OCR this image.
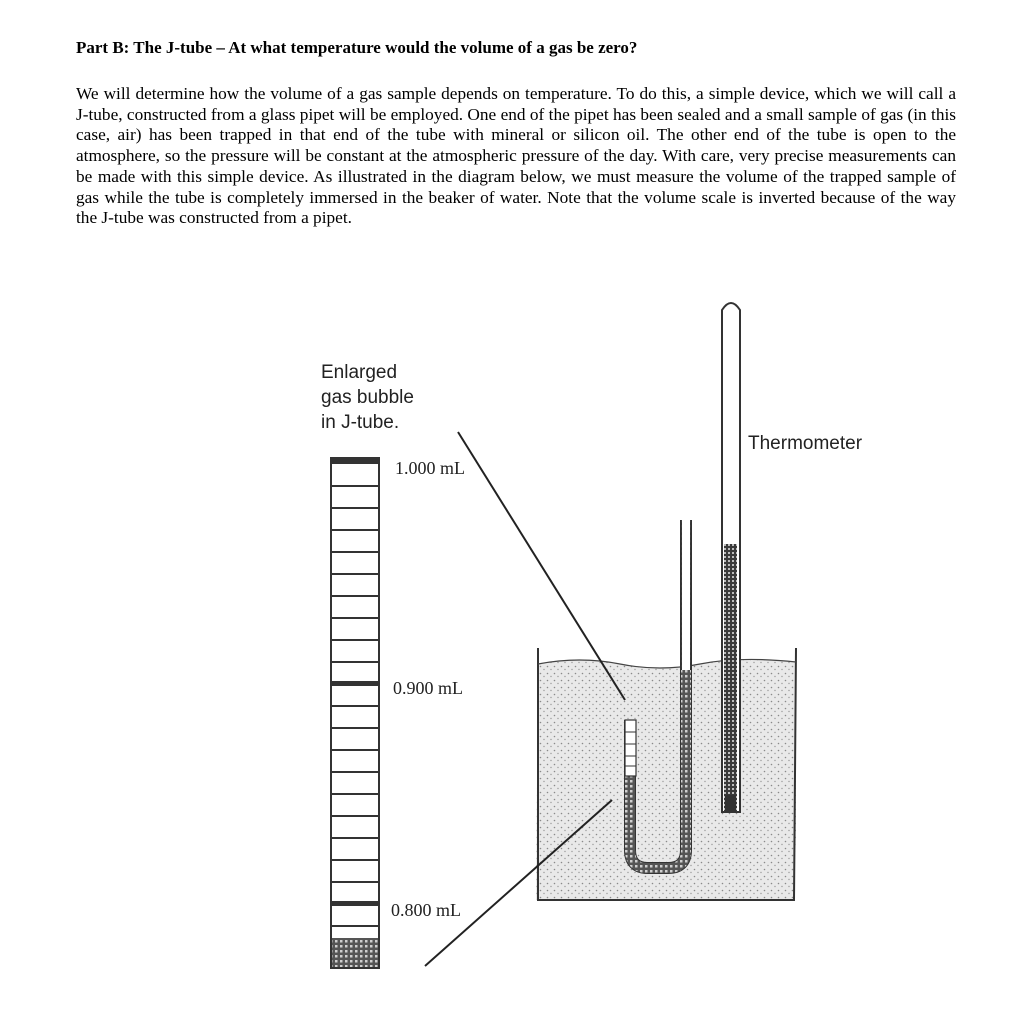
Part B: The J-tube – At what temperature would the volume of a gas be zero?

We will determine how the volume of a gas sample depends on temperature. To do this, a simple device, which we will call a J-tube, constructed from a glass pipet will be employed. One end of the pipet has been sealed and a small sample of gas (in this case, air) has been trapped in that end of the tube with mineral or silicon oil. The other end of the tube is open to the atmosphere, so the pressure will be constant at the atmospheric pressure of the day. With care, very precise measurements can be made with this simple device. As illustrated in the diagram below, we must measure the volume of the trapped sample of gas while the tube is completely immersed in the beaker of water. Note that the volume scale is inverted because of the way the J-tube was constructed from a pipet.

Enlarged gas bubble in J-tube.
1.000 mL
0.900 mL
0.800 mL
Thermometer
